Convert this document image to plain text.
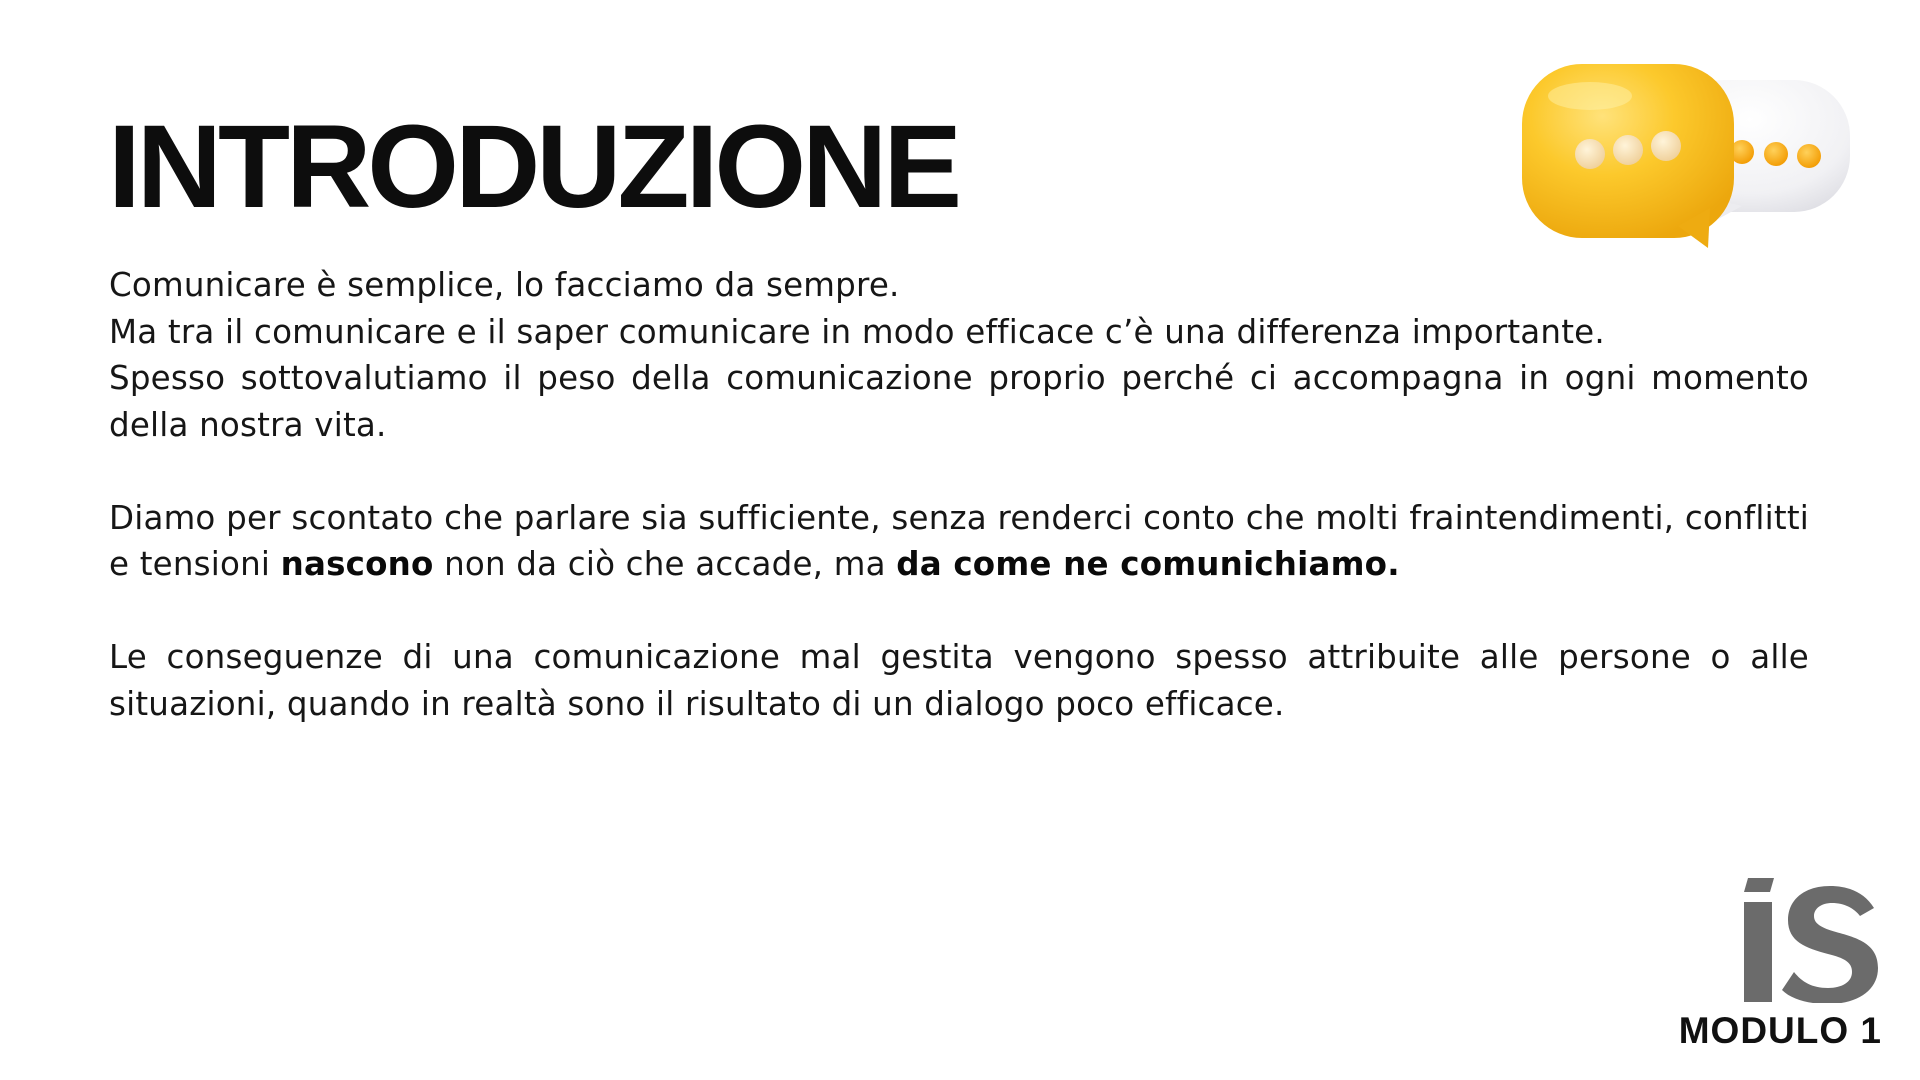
INTRODUZIONE

Comunicare è semplice, lo facciamo da sempre.
Ma tra il comunicare e il saper comunicare in modo efficace c’è una differenza importante.
Spesso sottovalutiamo il peso della comunicazione proprio perché ci accompagna in ogni momento della nostra vita.

Diamo per scontato che parlare sia sufficiente, senza renderci conto che molti fraintendimenti, conflitti e tensioni nascono non da ciò che accade, ma da come ne comunichiamo.

Le conseguenze di una comunicazione mal gestita vengono spesso attribuite alle persone o alle situazioni, quando in realtà sono il risultato di un dialogo poco efficace.

MODULO 1
